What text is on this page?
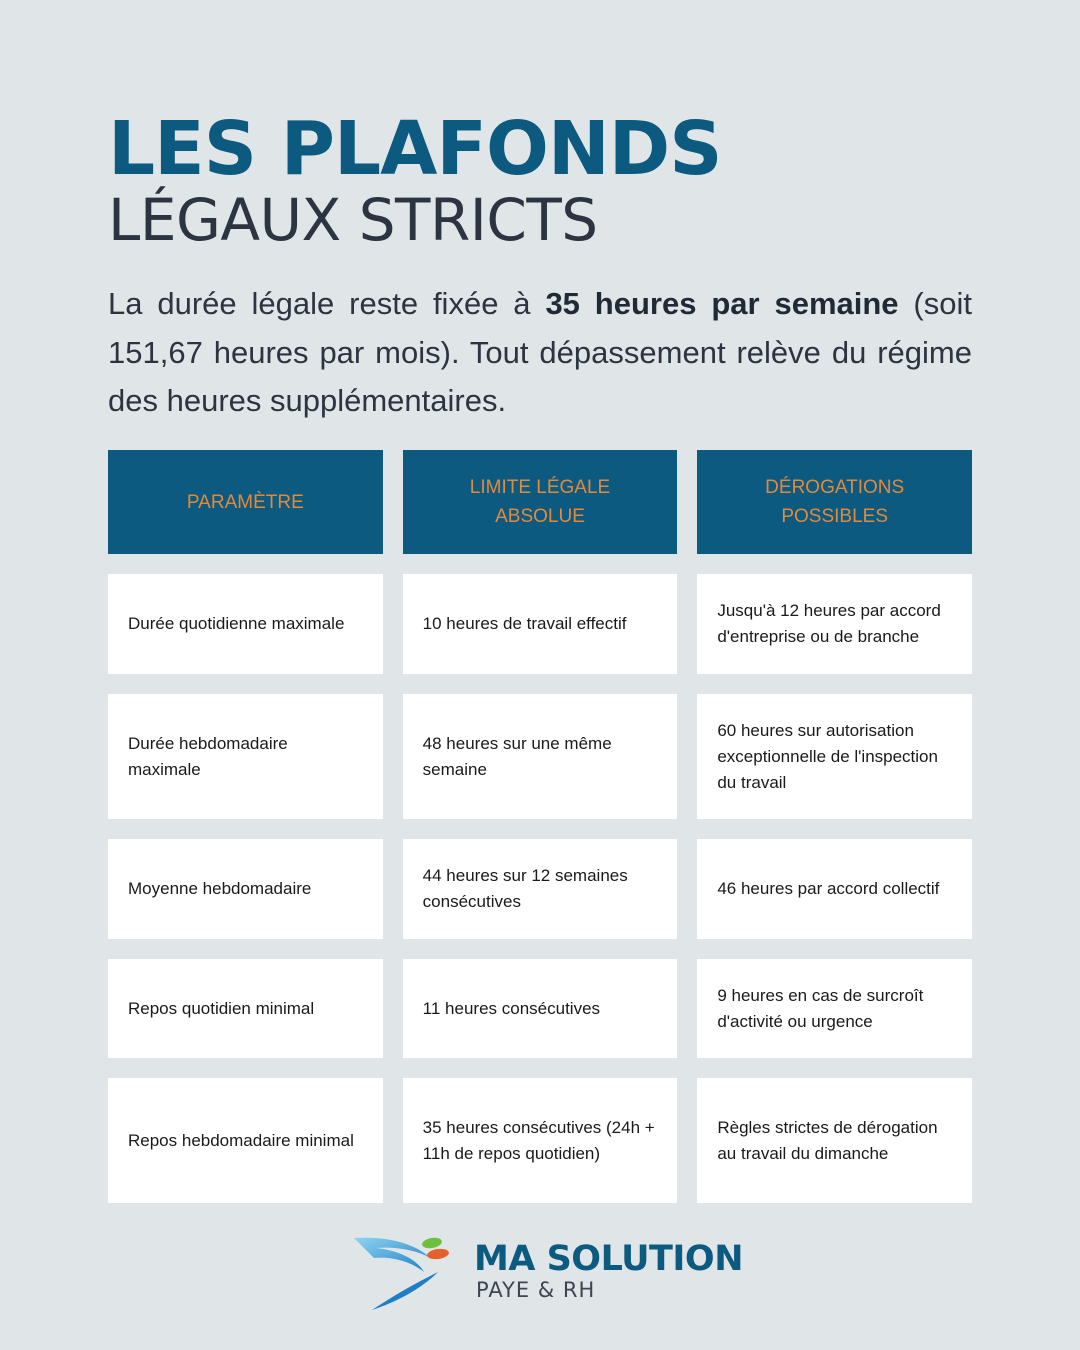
LES PLAFONDS
LÉGAUX STRICTS

La durée légale reste fixée à 35 heures par semaine (soit 151,67 heures par mois). Tout dépassement relève du régime des heures supplémentaires.

PARAMÈTRE
LIMITE LÉGALE ABSOLUE
DÉROGATIONS POSSIBLES
Durée quotidienne maximale	10 heures de travail effectif
Jusqu'à 12 heures par accord d'entreprise ou de branche
Durée hebdomadaire maximale
48 heures sur une même semaine
60 heures sur autorisation exceptionnelle de l'inspection du travail
Moyenne hebdomadaire
44 heures sur 12 semaines consécutives
46 heures par accord collectif
Repos quotidien minimal	11 heures consécutives
9 heures en cas de surcroît d'activité ou urgence
Repos hebdomadaire minimal
35 heures consécutives (24h + 11h de repos quotidien)
Règles strictes de dérogation au travail du dimanche
MA SOLUTION
PAYE & RH
